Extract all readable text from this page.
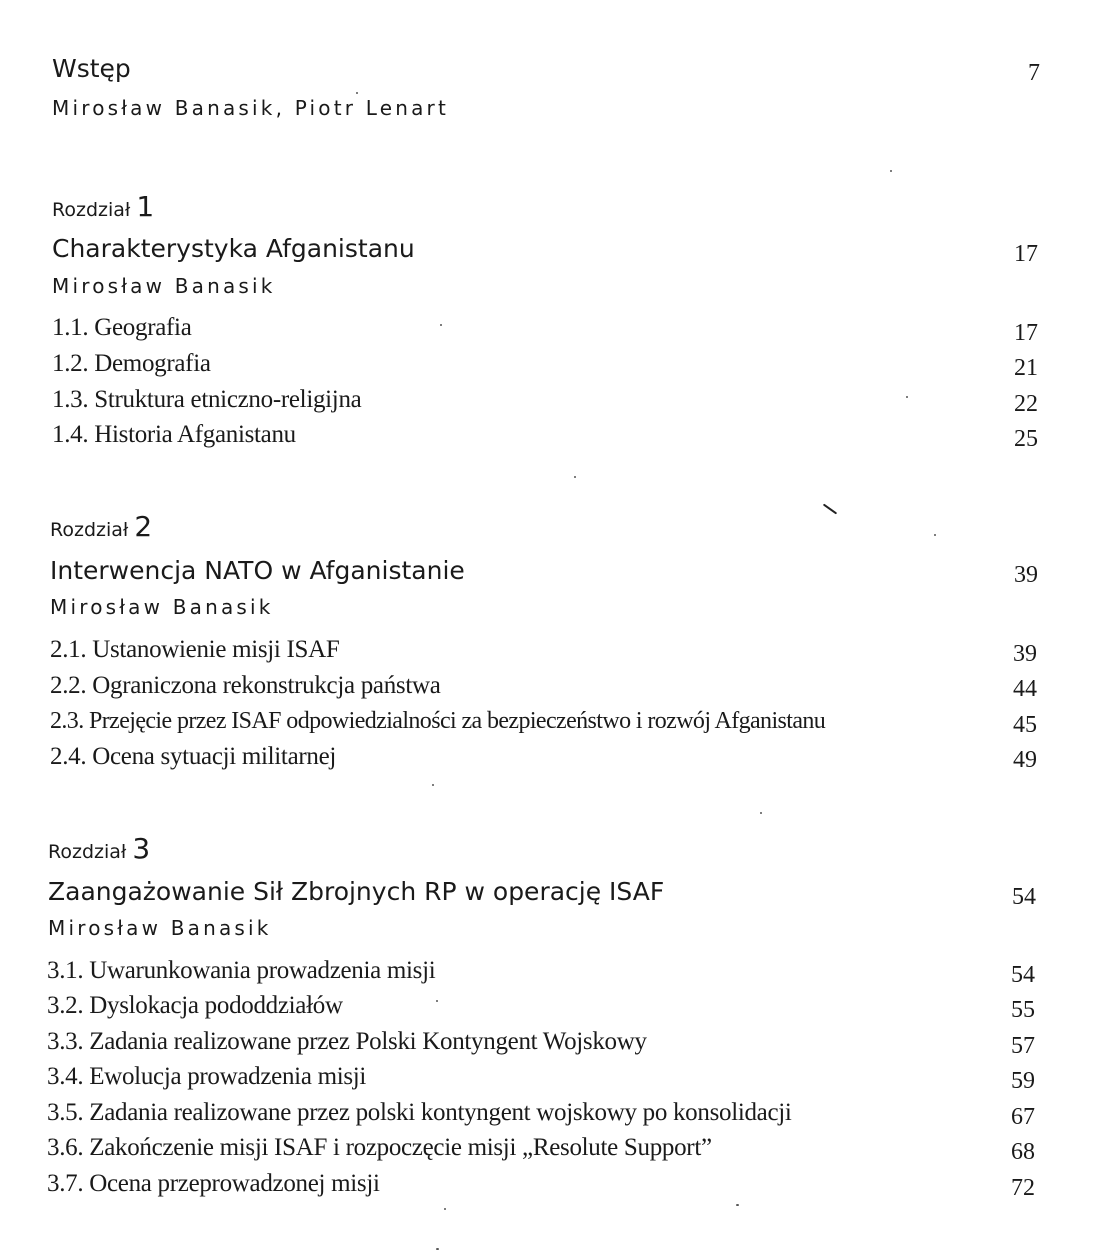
Wstęp	7
Mirosław Banasik, Piotr Lenart
Rozdział 1
Charakterystyka Afganistanu	17
Mirosław Banasik
1.1. Geografia	17
1.2. Demografia	21
1.3. Struktura etniczno-religijna	22
1.4. Historia Afganistanu	25
Rozdział 2
Interwencja NATO w Afganistanie	39
Mirosław Banasik
2.1. Ustanowienie misji ISAF	39
2.2. Ograniczona rekonstrukcja państwa	44
2.3. Przejęcie przez ISAF odpowiedzialności za bezpieczeństwo i rozwój Afganistanu	45
2.4. Ocena sytuacji militarnej	49
Rozdział 3
Zaangażowanie Sił Zbrojnych RP w operację ISAF	54
Mirosław Banasik
3.1. Uwarunkowania prowadzenia misji	54
3.2. Dyslokacja pododdziałów	55
3.3. Zadania realizowane przez Polski Kontyngent Wojskowy	57
3.4. Ewolucja prowadzenia misji	59
3.5. Zadania realizowane przez polski kontyngent wojskowy po konsolidacji	67
3.6. Zakończenie misji ISAF i rozpoczęcie misji „Resolute Support”	68
3.7. Ocena przeprowadzonej misji	72
